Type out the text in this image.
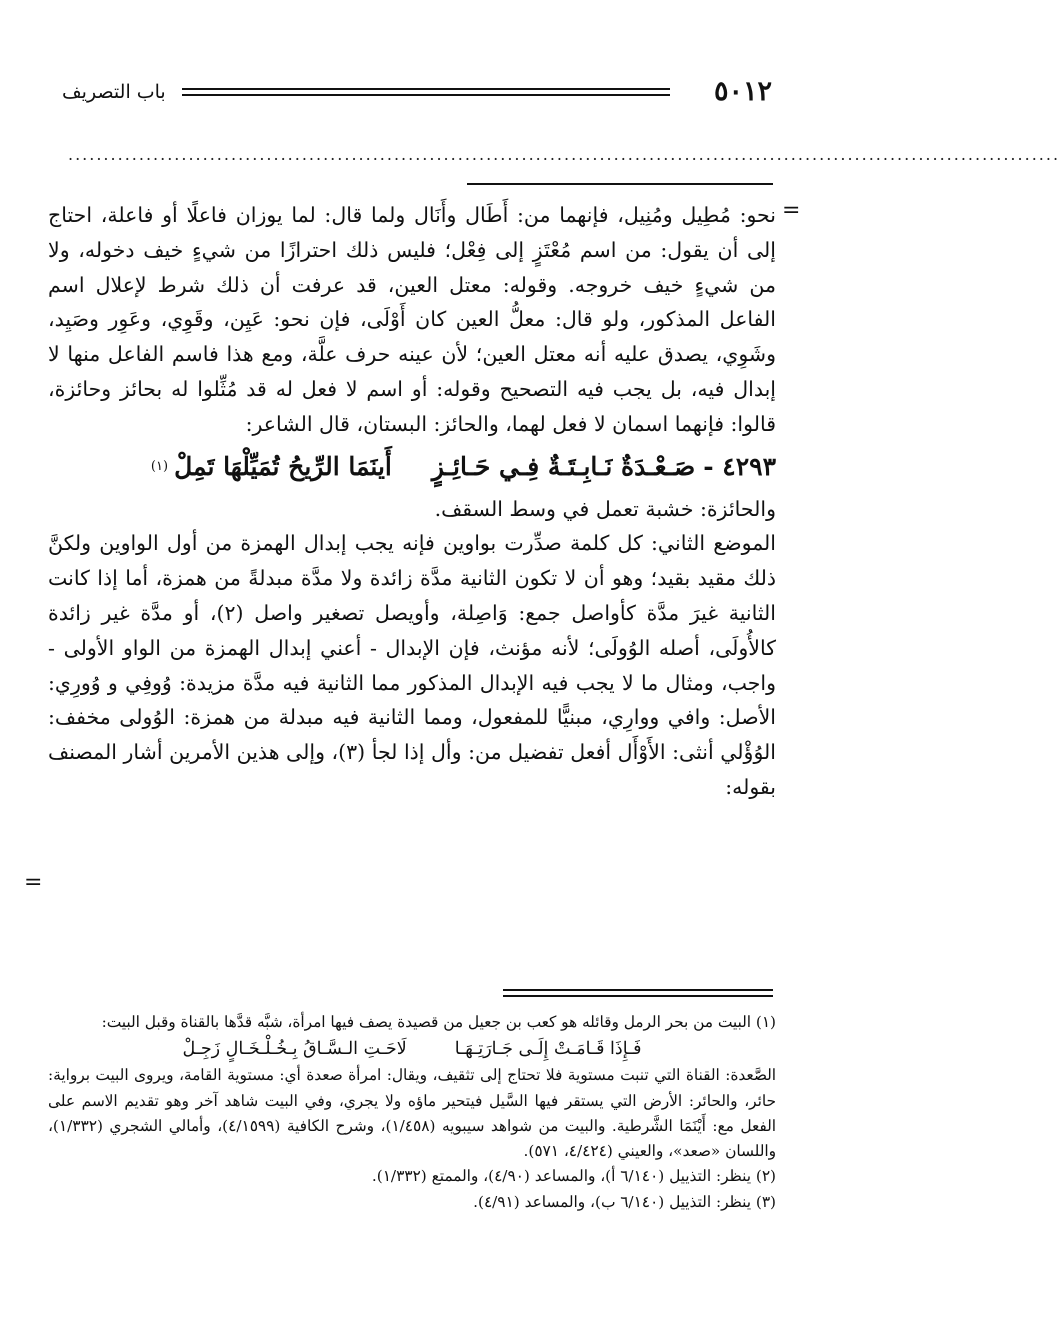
٥٠١٢
باب التصريف
............................................................................................................................................
=

نحو: مُطِيل ومُنِيل، فإنهما من: أَطَال وأَنَال ولما قال: لما يوزان فاعلًا أو فاعلة، احتاج إلى أن يقول: من اسم مُعْتَزٍ إلى فِعْل؛ فليس ذلك احترازًا من شيءٍ خيف دخوله، ولا من شيءٍ خيف خروجه. وقوله: معتل العين، قد عرفت أن ذلك شرط لإعلال اسم الفاعل المذكور، ولو قال: معلُّ العين كان أَوْلَى، فإن نحو: عَيِن، وقَوِي، وعَوِر وصَيِد، وشَوِي، يصدق عليه أنه معتل العين؛ لأن عينه حرف علَّة، ومع هذا فاسم الفاعل منها لا إبدال فيه، بل يجب فيه التصحيح وقوله: أو اسم لا فعل له قد مُثِّلوا له بحائز وحائزة، قالوا: فإنهما اسمان لا فعل لهما، والحائز: البستان، قال الشاعر:

٤٢٩٣ -
صَـعْـدَةٌ نَـابِـتَـةٌ فِـي حَـائِـزٍ
أَينَمَا الرِّيحُ تُمَيِّلْهَا تَمِلْ
(١)

والحائزة: خشبة تعمل في وسط السقف.

الموضع الثاني: كل كلمة صدِّرت بواوين فإنه يجب إبدال الهمزة من أول الواوين ولكنَّ ذلك مقيد بقيد؛ وهو أن لا تكون الثانية مدَّة زائدة ولا مدَّة مبدلةً من همزة، أما إذا كانت الثانية غيرَ مدَّة كأواصل جمع: وَاصِلة، وأويصل تصغير واصل (٢)، أو مدَّة غير زائدة كالأُولَى، أصله الوُولَى؛ لأنه مؤنث، فإن الإبدال - أعني إبدال الهمزة من الواو الأولى - واجب، ومثال ما لا يجب فيه الإبدال المذكور مما الثانية فيه مدَّة مزيدة: وُوفِي و وُورِي: الأصل: وافي ووارِي، مبنيًّا للمفعول، ومما الثانية فيه مبدلة من همزة: الوُولى مخفف: الوُؤْلي أنثى: الأَوْأَل أفعل تفضيل من: وأل إذا لجأ (٣)، وإلى هذين الأمرين أشار المصنف بقوله:

=

(١) البيت من بحر الرمل وقائله هو كعب بن جعيل من قصيدة يصف فيها امرأة، شبَّه قدَّها بالقناة وقبل البيت:

فَـإِذَا قَـامَـتْ إِلَـى جَـارَتِـهَـا
لَاحَـتِ الـسَّـاقُ بِـخُـلْـخَـالٍ زَجِـلْ

الصَّعدة: القناة التي تنبت مستوية فلا تحتاج إلى تثقيف، ويقال: امرأة صعدة أي: مستوية القامة، ويروى البيت برواية: حائر، والحائر: الأرض التي يستقر فيها السَّيل فيتحير ماؤه ولا يجري، وفي البيت شاهد آخر وهو تقديم الاسم على الفعل مع: أَيْنَمَا الشَّرطية. والبيت من شواهد سيبويه (١/٤٥٨)، وشرح الكافية (٤/١٥٩٩)، وأمالي الشجري (١/٣٣٢)، واللسان «صعد»، والعيني (٤/٤٢٤، ٥٧١).

(٢) ينظر: التذييل (٦/١٤٠ أ)، والمساعد (٤/٩٠)، والممتع (١/٣٣٢).

(٣) ينظر: التذييل (٦/١٤٠ ب)، والمساعد (٤/٩١).
